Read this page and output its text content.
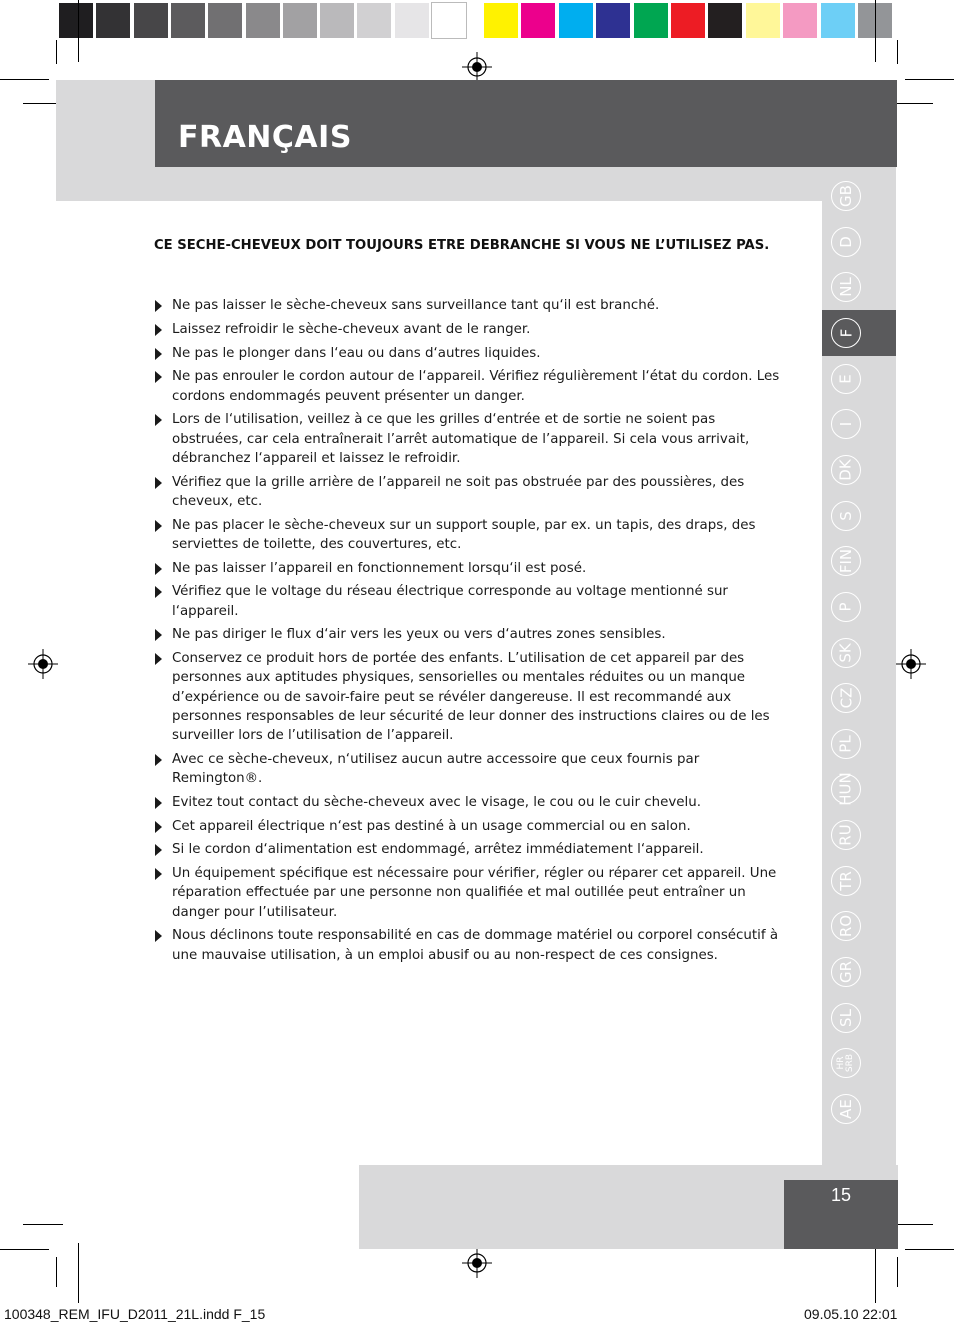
FRANÇAIS
GB
D
NL
F
E
I
DK
S
FIN
P
SK
CZ
PL
HUN
RU
TR
RO
GR
SL
HR
SRB
AE
CE SECHE-CHEVEUX DOIT TOUJOURS ETRE DEBRANCHE SI VOUS NE L’UTILISEZ PAS.
Ne pas laisser le sèche-cheveux sans surveillance tant qu‘il est branché.
Laissez refroidir le sèche-cheveux avant de le ranger.
Ne pas le plonger dans l‘eau ou dans d‘autres liquides.
Ne pas enrouler le cordon autour de l‘appareil. Vérifiez régulièrement l‘état du cordon. Les cordons endommagés peuvent présenter un danger.
Lors de l‘utilisation, veillez à ce que les grilles d‘entrée et de sortie ne soient pas obstruées, car cela entraînerait l’arrêt automatique de l’appareil. Si cela vous arrivait, débranchez l‘appareil et laissez le refroidir.
Vérifiez que la grille arrière de l’appareil ne soit pas obstruée par des poussières, des cheveux, etc.
Ne pas placer le sèche-cheveux sur un support souple, par ex. un tapis, des draps, des serviettes de toilette, des couvertures, etc.
Ne pas laisser l’appareil en fonctionnement lorsqu‘il est posé.
Vérifiez que le voltage du réseau électrique corresponde au voltage mentionné sur l‘appareil.
Ne pas diriger le flux d‘air vers les yeux ou vers d‘autres zones sensibles.
Conservez ce produit hors de portée des enfants. L’utilisation de cet appareil par des personnes aux aptitudes physiques, sensorielles ou mentales réduites ou un manque d’expérience ou de savoir-faire peut se révéler dangereuse. Il est recommandé aux personnes responsables de leur sécurité de leur donner des instructions claires ou de les surveiller lors de l’utilisation de l’appareil.
Avec ce sèche-cheveux, n‘utilisez aucun autre accessoire que ceux fournis par Remington®.
Evitez tout contact du sèche-cheveux avec le visage, le cou ou le cuir chevelu.
Cet appareil électrique n‘est pas destiné à un usage commercial ou en salon.
Si le cordon d‘alimentation est endommagé, arrêtez immédiatement l‘appareil.
Un équipement spécifique est nécessaire pour vérifier, régler ou réparer cet appareil. Une réparation effectuée par une personne non qualifiée et mal outillée peut entraîner un danger pour l’utilisateur.
Nous déclinons toute responsabilité en cas de dommage matériel ou corporel consécutif à une mauvaise utilisation, à un emploi abusif ou au non-respect de ces consignes.
15
100348_REM_IFU_D2011_21L.indd F_15	09.05.10 22:01
